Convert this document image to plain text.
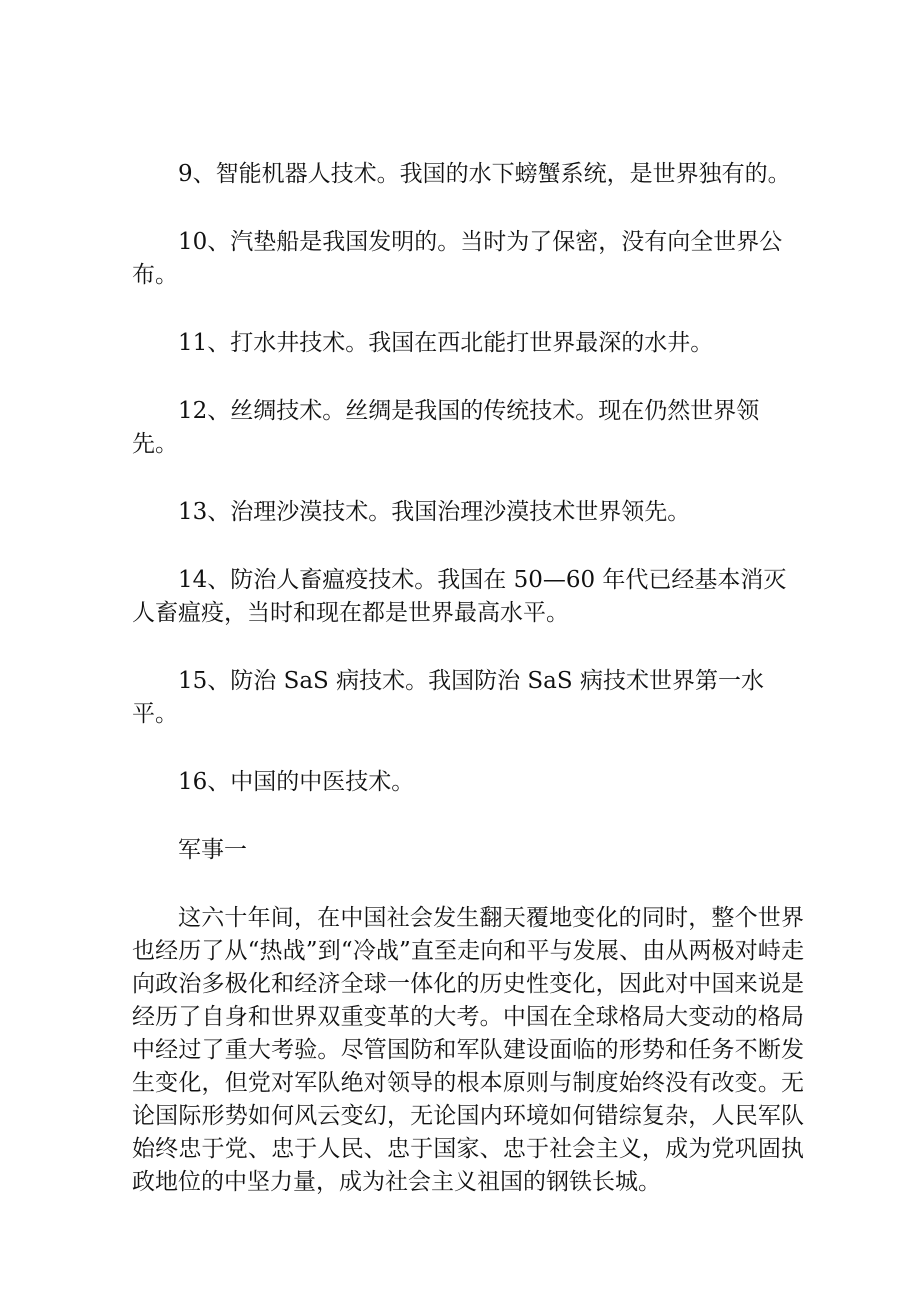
9、智能机器人技术。我国的水下螃蟹系统，是世界独有的。

10、汽垫船是我国发明的。当时为了保密，没有向全世界公布。

11、打水井技术。我国在西北能打世界最深的水井。

12、丝绸技术。丝绸是我国的传统技术。现在仍然世界领先。

13、治理沙漠技术。我国治理沙漠技术世界领先。

14、防治人畜瘟疫技术。我国在 50—60 年代已经基本消灭人畜瘟疫，当时和现在都是世界最高水平。

15、防治 SaS 病技术。我国防治 SaS 病技术世界第一水平。

16、中国的中医技术。

军事一

这六十年间，在中国社会发生翻天覆地变化的同时，整个世界也经历了从“热战”到“冷战”直至走向和平与发展、由从两极对峙走向政治多极化和经济全球一体化的历史性变化，因此对中国来说是经历了自身和世界双重变革的大考。中国在全球格局大变动的格局中经过了重大考验。尽管国防和军队建设面临的形势和任务不断发生变化，但党对军队绝对领导的根本原则与制度始终没有改变。无论国际形势如何风云变幻，无论国内环境如何错综复杂，人民军队始终忠于党、忠于人民、忠于国家、忠于社会主义，成为党巩固执政地位的中坚力量，成为社会主义祖国的钢铁长城。
